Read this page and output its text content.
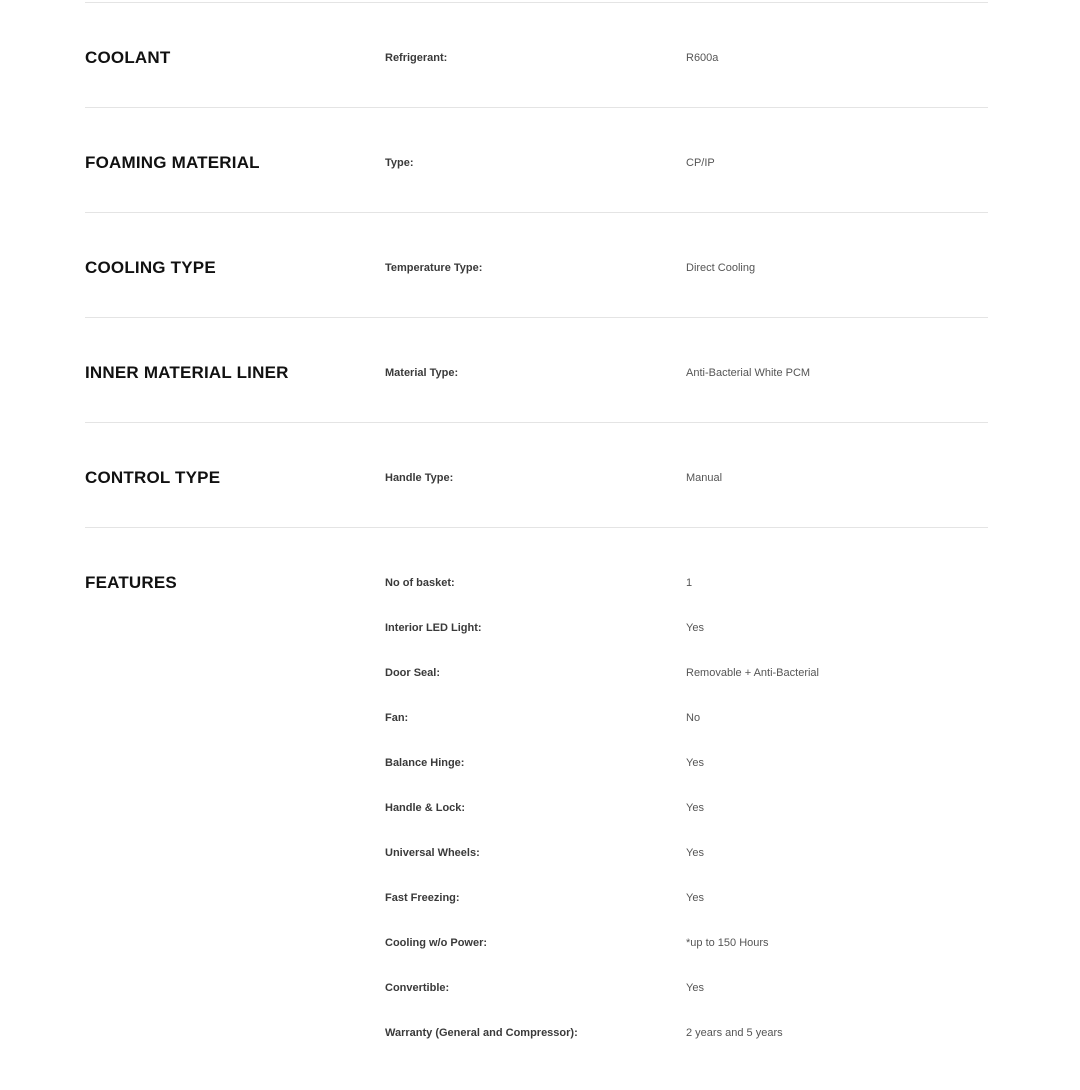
COOLANT	Refrigerant:	R600a
FOAMING MATERIAL	Type:	CP/IP
COOLING TYPE	Temperature Type:	Direct Cooling
INNER MATERIAL LINER	Material Type:	Anti-Bacterial White PCM
CONTROL TYPE	Handle Type:	Manual
FEATURES	No of basket:	1
Interior LED Light:	Yes
Door Seal:	Removable + Anti-Bacterial
Fan:	No
Balance Hinge:	Yes
Handle & Lock:	Yes
Universal Wheels:	Yes
Fast Freezing:	Yes
Cooling w/o Power:	*up to 150 Hours
Convertible:	Yes
Warranty (General and Compressor):	2 years and 5 years
